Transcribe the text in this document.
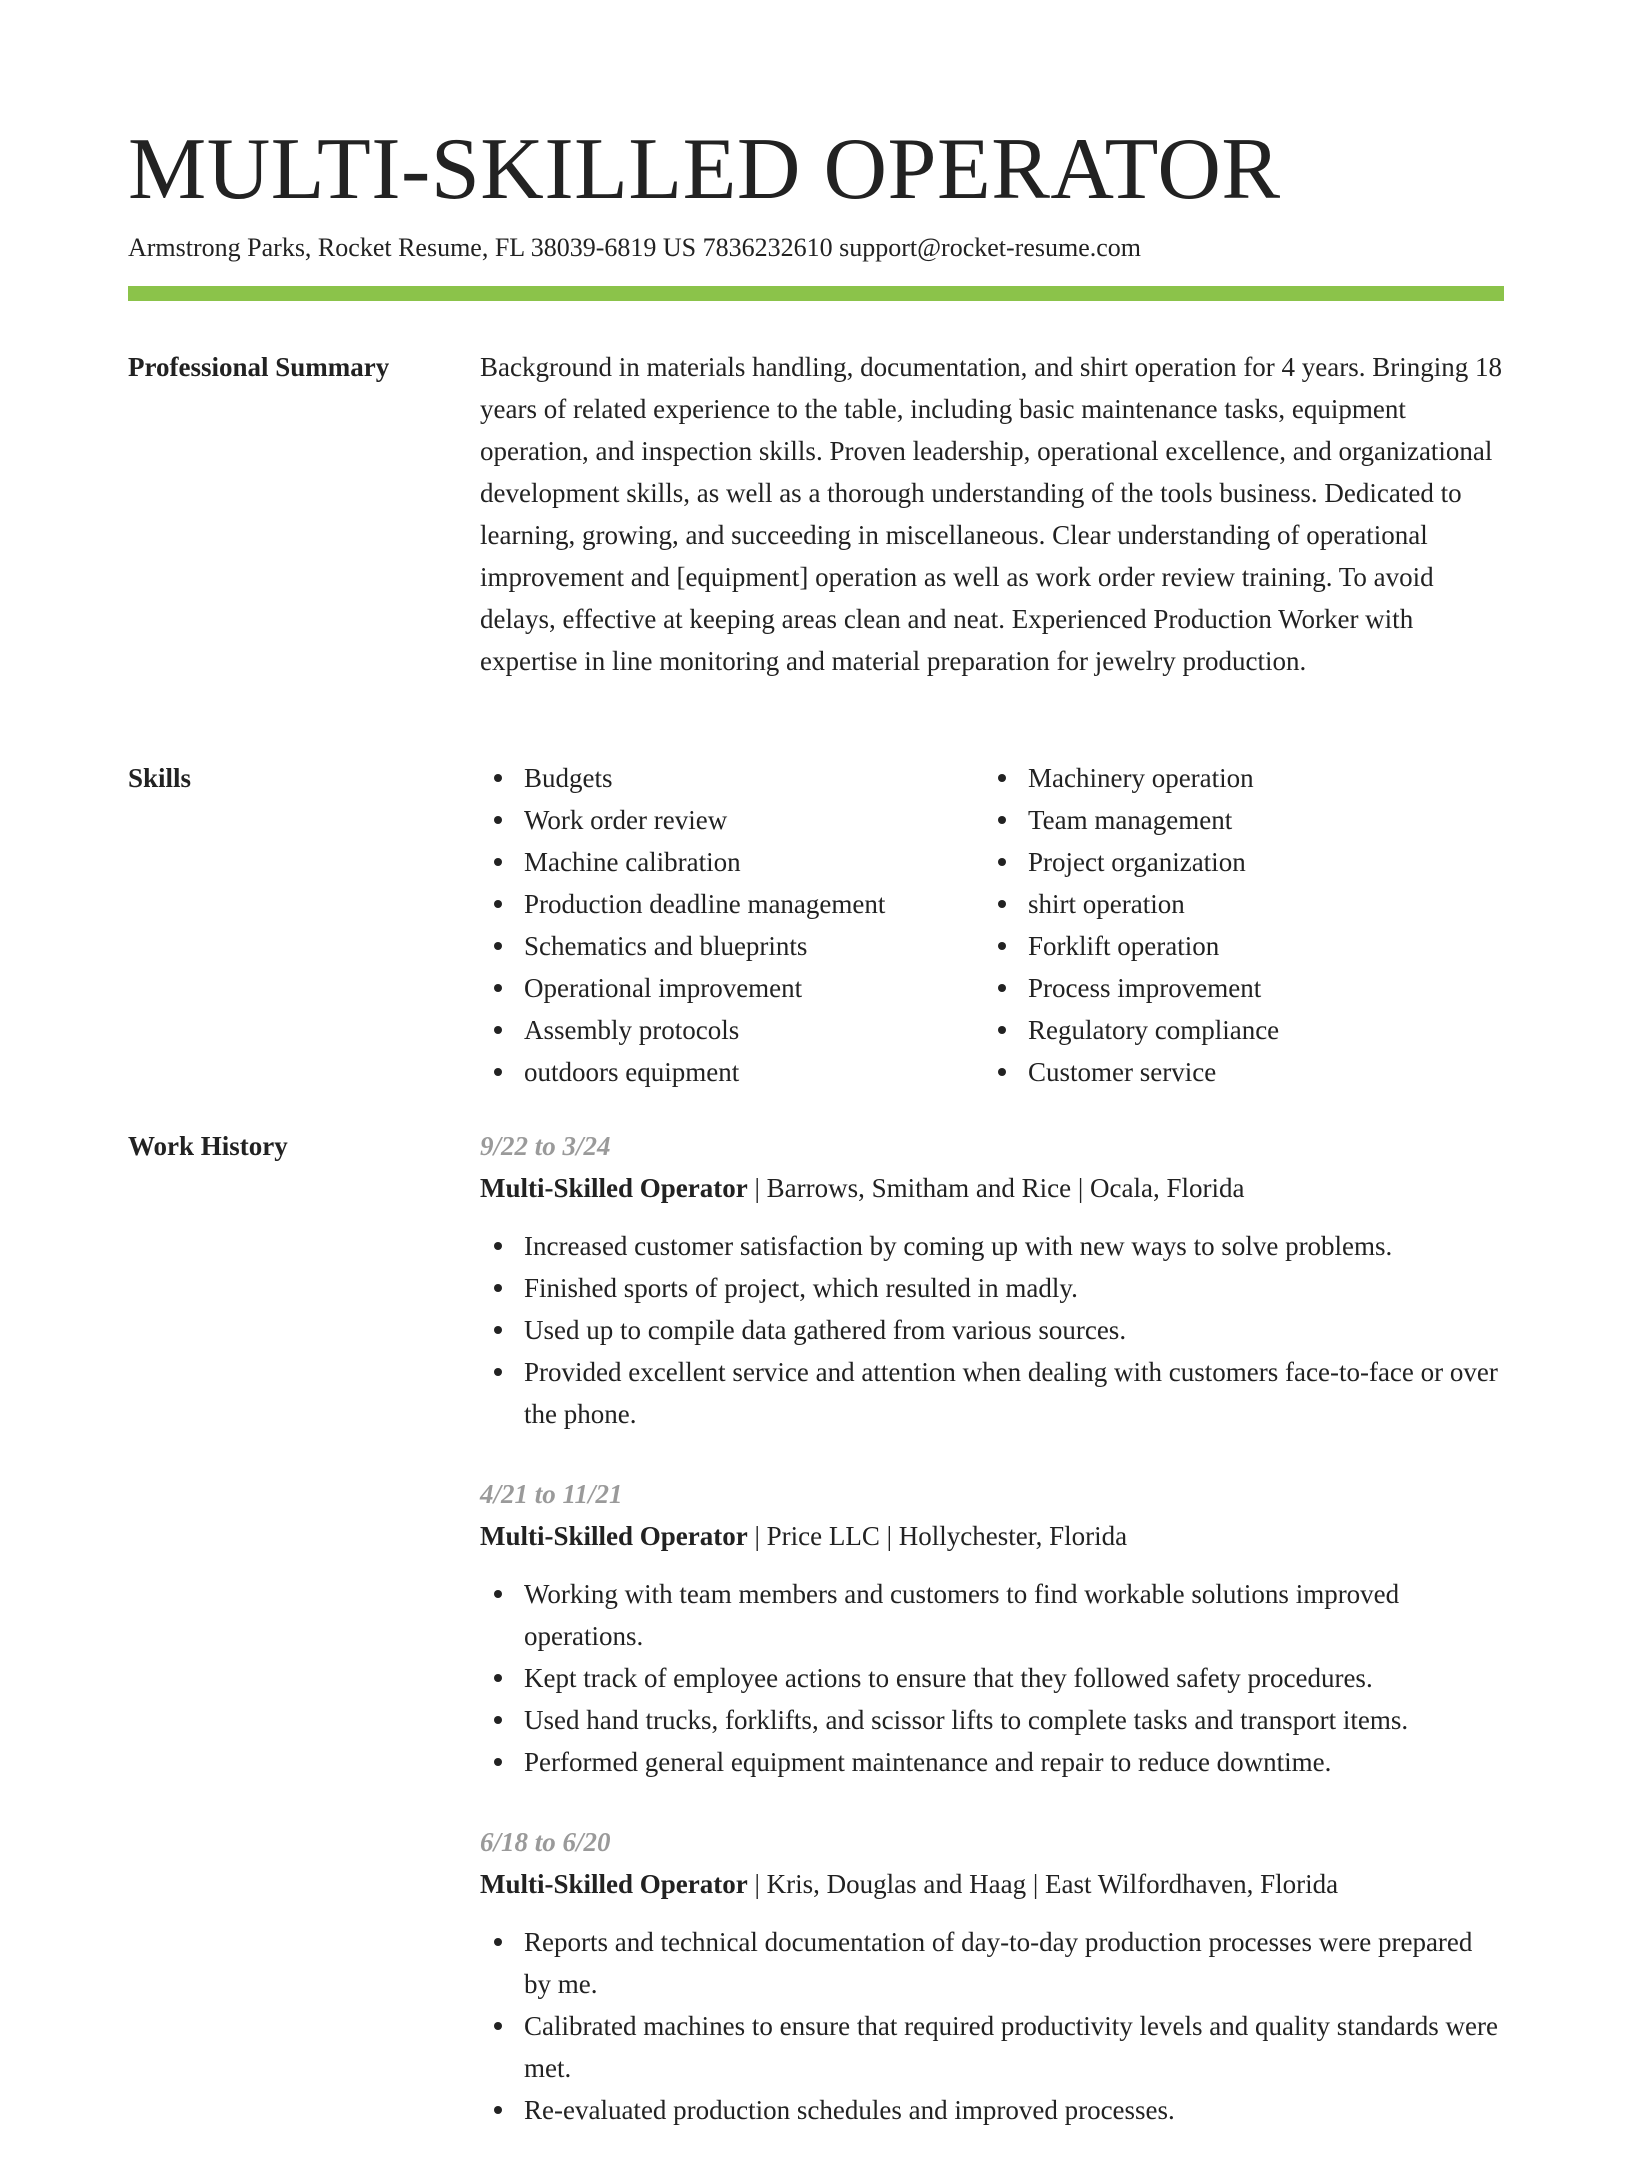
MULTI-SKILLED OPERATOR
Armstrong Parks, Rocket Resume, FL 38039-6819 US 7836232610 support@rocket-resume.com
Professional Summary	Background in materials handling, documentation, and shirt operation for 4 years. Bringing 18 years of related experience to the table, including basic maintenance tasks, equipment operation, and inspection skills. Proven leadership, operational excellence, and organizational development skills, as well as a thorough understanding of the tools business. Dedicated to learning, growing, and succeeding in miscellaneous. Clear understanding of operational improvement and [equipment] operation as well as work order review training. To avoid delays, effective at keeping areas clean and neat. Experienced Production Worker with expertise in line monitoring and material preparation for jewelry production.

Skills	Budgets
Work order review
Machine calibration
Production deadline management
Schematics and blueprints
Operational improvement
Assembly protocols
outdoors equipment
Machinery operation
Team management
Project organization
shirt operation
Forklift operation
Process improvement
Regulatory compliance
Customer service
Work History	9/22 to 3/24
Multi-Skilled Operator | Barrows, Smitham and Rice | Ocala, Florida
Increased customer satisfaction by coming up with new ways to solve problems.
Finished sports of project, which resulted in madly.
Used up to compile data gathered from various sources.
Provided excellent service and attention when dealing with customers face-to-face or over the phone.
4/21 to 11/21
Multi-Skilled Operator | Price LLC | Hollychester, Florida
Working with team members and customers to find workable solutions improved operations.
Kept track of employee actions to ensure that they followed safety procedures.
Used hand trucks, forklifts, and scissor lifts to complete tasks and transport items.
Performed general equipment maintenance and repair to reduce downtime.
6/18 to 6/20
Multi-Skilled Operator | Kris, Douglas and Haag | East Wilfordhaven, Florida
Reports and technical documentation of day-to-day production processes were prepared by me.
Calibrated machines to ensure that required productivity levels and quality standards were met.
Re-evaluated production schedules and improved processes.
